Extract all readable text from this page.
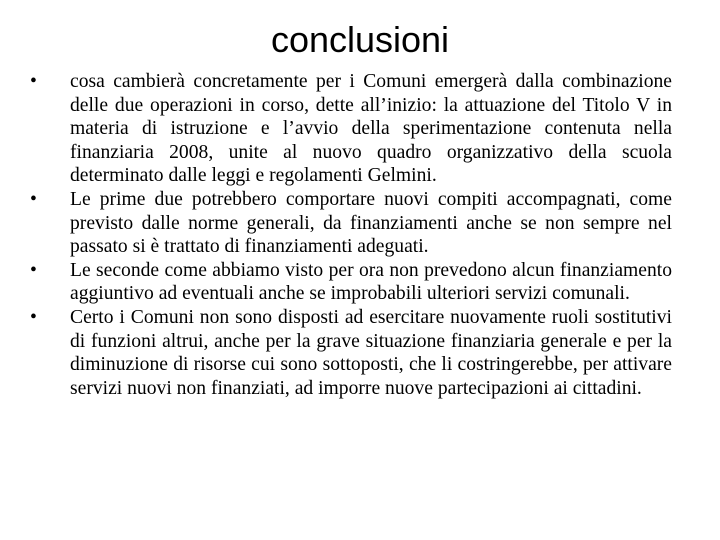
conclusioni
• cosa cambierà concretamente per i Comuni emergerà dalla combinazione delle due operazioni in corso, dette all’inizio: la attuazione del Titolo V in materia di istruzione e l’avvio della sperimentazione contenuta nella finanziaria 2008, unite al nuovo quadro organizzativo della scuola determinato dalle leggi e regolamenti Gelmini.
• Le prime due potrebbero comportare nuovi compiti accompagnati, come previsto dalle norme generali, da finanziamenti anche se non sempre nel passato si è trattato di finanziamenti adeguati.
• Le seconde come abbiamo visto per ora non prevedono alcun finanziamento aggiuntivo ad eventuali anche se improbabili ulteriori servizi comunali.
• Certo i Comuni non sono disposti ad esercitare nuovamente ruoli sostitutivi di funzioni altrui, anche per la grave situazione finanziaria generale e per la diminuzione di risorse cui sono sottoposti, che li costringerebbe, per attivare servizi nuovi non finanziati, ad imporre nuove partecipazioni ai cittadini.
